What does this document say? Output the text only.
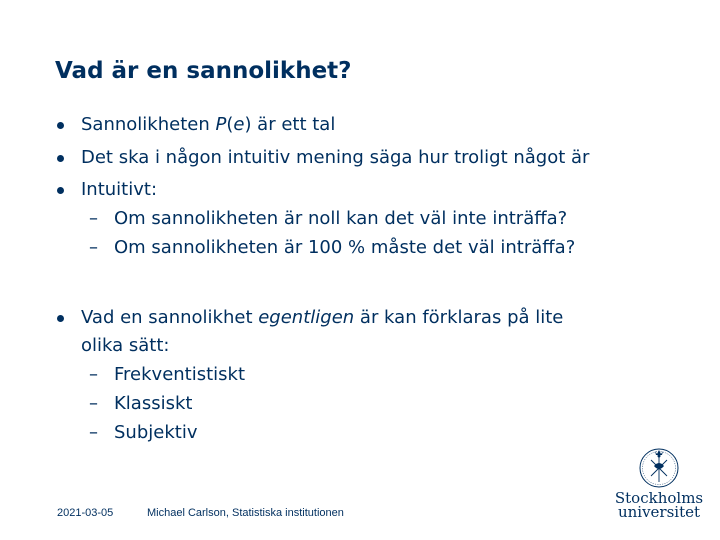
Vad är en sannolikhet?
Sannolikheten P(e) är ett tal
Det ska i någon intuitiv mening säga hur troligt något är
Intuitivt:
– Om sannolikheten är noll kan det väl inte inträffa?
– Om sannolikheten är 100 % måste det väl inträffa?
Vad en sannolikhet egentligen är kan förklaras på lite
olika sätt:
– Frekventistiskt
– Klassiskt
– Subjektiv
2021-03-05	Michael Carlson, Statistiska institutionen
Stockholms
universitet
